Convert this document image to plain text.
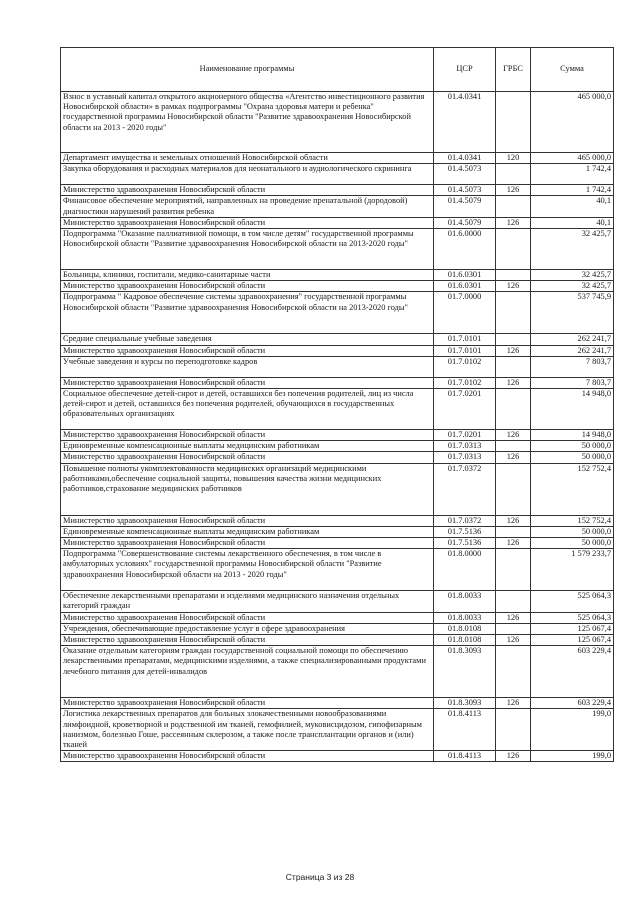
Наименование программы	ЦСР	ГРБС	Сумма
Взнос в уставный капитал открытого акционерного общества «Агентство инвестиционного развития Новосибирской области» в рамках подпрограммы "Охрана здоровья матери и ребенка" государственной программы Новосибирской области "Развитие здравоохранения Новосибирской области на 2013 - 2020 годы"	01.4.0341		465 000,0
Департамент имущества и земельных отношений Новосибирской области	01.4.0341	120	465 000,0
Закупка оборудования и расходных материалов для неонатального и аудиологического скрининга	01.4.5073		1 742,4
Министерство здравоохранения Новосибирской области	01.4.5073	126	1 742,4
Финансовое обеспечение мероприятий, направленных на проведение пренатальной (дородовой) диагностики нарушений развития ребенка	01.4.5079		40,1
Министерство здравоохранения Новосибирской области	01.4.5079	126	40,1
Подпрограмма "Оказание паллиативной помощи, в том числе детям" государственной программы Новосибирской области "Развитие здравоохранения Новосибирской области на 2013-2020 годы"	01.6.0000		32 425,7
Больницы, клиники, госпитали, медико-санитарные части	01.6.0301		32 425,7
Министерство здравоохранения Новосибирской области	01.6.0301	126	32 425,7
Подпрограмма " Кадровое обеспечение системы здравоохранения" государственной программы Новосибирской области "Развитие здравоохранения Новосибирской области на 2013-2020 годы"	01.7.0000		537 745,9
Средние специальные учебные заведения	01.7.0101		262 241,7
Министерство здравоохранения Новосибирской области	01.7.0101	126	262 241,7
Учебные заведения и курсы по переподготовке кадров	01.7.0102		7 803,7
Министерство здравоохранения Новосибирской области	01.7.0102	126	7 803,7
Социальное обеспечение детей-сирот и детей, оставшихся без попечения родителей, лиц из числа детей-сирот и детей, оставшихся без попечения родителей, обучающихся в государственных образовательных организациях	01.7.0201		14 948,0
Министерство здравоохранения Новосибирской области	01.7.0201	126	14 948,0
Единовременные компенсационные выплаты медицинским работникам	01.7.0313		50 000,0
Министерство здравоохранения Новосибирской области	01.7.0313	126	50 000,0
Повышение полноты укомплектованности медицинских организаций медицинскими работниками,обеспечение социальной защиты, повышения качества жизни медицинских работников,страхование медицинских работников	01.7.0372		152 752,4
Министерство здравоохранения Новосибирской области	01.7.0372	126	152 752,4
Единовременные компенсационные выплаты медицинским работникам	01.7.5136		50 000,0
Министерство здравоохранения Новосибирской области	01.7.5136	126	50 000,0
Подпрограмма "Совершенствование системы лекарственного обеспечения, в том числе в амбулаторных условиях" государственной программы Новосибирской области "Развитие здравоохранения Новосибирской области на 2013 - 2020 годы"	01.8.0000		1 579 233,7
Обеспечение лекарственными препаратами и изделиями медицинского назначения отдельных категорий граждан	01.8.0033		525 064,3
Министерство здравоохранения Новосибирской области	01.8.0033	126	525 064,3
Учреждения, обеспечивающие предоставление услуг в сфере здравоохранения	01.8.0108		125 067,4
Министерство здравоохранения Новосибирской области	01.8.0108	126	125 067,4
Оказание отдельным категориям граждан государственной социальной помощи по обеспечению лекарственными препаратами, медицинскими изделиями, а также специализированными продуктами лечебного питания для детей-инвалидов	01.8.3093		603 229,4
Министерство здравоохранения Новосибирской области	01.8.3093	126	603 229,4
Логистика лекарственных препаратов для больных злокачественными новообразованиями лимфоидной, кроветворной и родственной им тканей, гемофилией, муковисцидозом, гипофизарным нанизмом, болезнью Гоше, рассеянным склерозом, а также после трансплантации органов и (или) тканей	01.8.4113		199,0
Министерство здравоохранения Новосибирской области	01.8.4113	126	199,0
Страница 3 из 28
